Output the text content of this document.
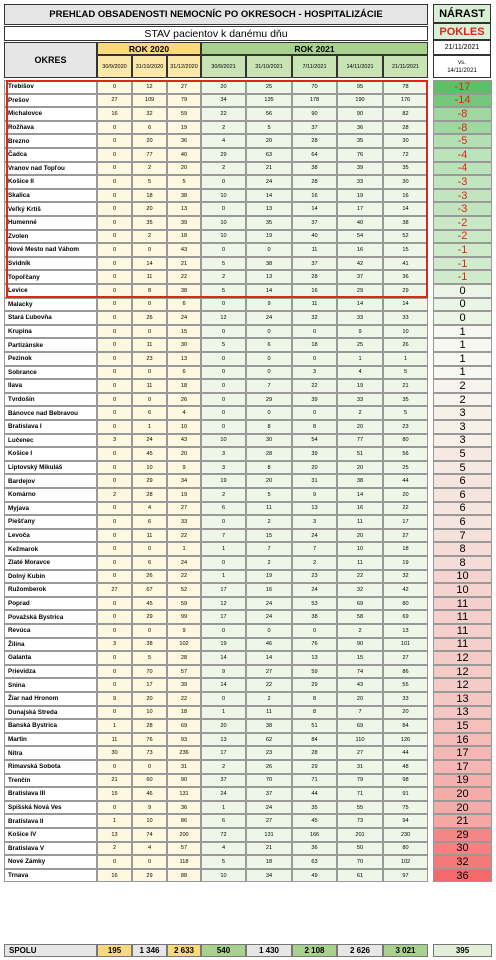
PREHĽAD OBSADENOSTI NEMOCNÍC PO OKRESOCH - HOSPITALIZÁCIE
STAV pacientov k danému dňu
OKRES
ROK 2020	ROK 2021
30/9/2020	31/10/2020	31/12/2020	30/9/2021	31/10/2021	7/11/2021	14/11/2021	21/11/2021
NÁRAST
POKLES
21/11/2021
vs.
14/11/2021
Trebišov	0	12	27	20	25	70	95	78	-17
Prešov	27	109	79	34	135	178	190	176	-14
Michalovce	16	32	59	22	56	90	90	82	-8
Rožňava	0	6	19	2	5	37	36	28	-8
Brezno	0	20	36	4	20	28	35	30	-5
Čadca	0	77	40	29	63	64	76	72	-4
Vranov nad Topľou	0	2	20	2	21	38	39	35	-4
Košice II	0	5	5	0	24	28	33	30	-3
Skalica	0	18	38	10	14	16	19	16	-3
Veľký Krtíš	0	20	13	0	13	14	17	14	-3
Humenné	0	35	39	10	35	37	40	38	-2
Zvolen	0	2	18	10	19	40	54	52	-2
Nové Mesto nad Váhom	0	0	43	0	0	11	16	15	-1
Svidník	0	14	21	5	38	37	42	41	-1
Topoľčany	0	11	22	2	13	28	37	36	-1
Levice	0	8	38	5	14	16	29	29	0
Malacky	0	0	6	0	9	11	14	14	0
Stará Ľubovňa	0	26	24	12	24	32	33	33	0
Krupina	0	0	15	0	0	0	9	10	1
Partizánske	0	11	30	5	6	18	25	26	1
Pezinok	0	23	13	0	0	0	1	1	1
Sobrance	0	0	6	0	0	3	4	5	1
Ilava	0	11	18	0	7	22	19	21	2
Tvrdošín	0	0	26	0	29	39	33	35	2
Bánovce nad Bebravou	0	6	4	0	0	0	2	5	3
Bratislava I	0	1	10	0	8	8	20	23	3
Lučenec	3	24	43	10	30	54	77	80	3
Košice I	0	45	20	3	28	39	51	56	5
Liptovský Mikuláš	0	10	9	3	8	20	20	25	5
Bardejov	0	29	34	19	20	31	38	44	6
Komárno	2	28	19	2	5	9	14	20	6
Myjava	0	4	27	6	11	13	16	22	6
Piešťany	0	6	33	0	2	3	11	17	6
Levoča	0	11	22	7	15	24	20	27	7
Kežmarok	0	0	1	1	7	7	10	18	8
Zlaté Moravce	0	6	24	0	2	2	11	19	8
Dolný Kubín	0	26	22	1	19	23	22	32	10
Ružomberok	27	67	52	17	16	24	32	42	10
Poprad	0	45	59	12	24	53	69	80	11
Považská Bystrica	0	29	99	17	24	38	58	69	11
Revúca	0	0	9	0	0	0	2	13	11
Žilina	3	38	102	19	46	76	90	101	11
Galanta	0	5	28	14	14	13	15	27	12
Prievidza	0	70	57	9	27	59	74	86	12
Snina	0	17	39	14	22	29	43	55	12
Žiar nad Hronom	9	20	22	0	2	8	20	33	13
Dunajská Streda	0	10	18	1	11	8	7	20	13
Banská Bystrica	1	28	69	20	38	51	69	84	15
Martin	11	76	93	13	62	84	110	126	16
Nitra	30	73	236	17	23	28	27	44	17
Rimavská Sobota	0	0	31	2	26	29	31	48	17
Trenčín	21	60	90	37	70	71	79	98	19
Bratislava III	15	46	131	24	37	44	71	91	20
Spišská Nová Ves	0	9	36	1	24	35	55	75	20
Bratislava II	1	10	86	6	27	45	73	94	21
Košice IV	13	74	200	72	131	166	201	230	29
Bratislava V	2	4	57	4	21	36	50	80	30
Nové Zámky	0	0	118	5	18	63	70	102	32
Trnava	16	29	88	10	34	49	61	97	36
SPOLU	195	1 346	2 633	540	1 430	2 108	2 626	3 021	395
